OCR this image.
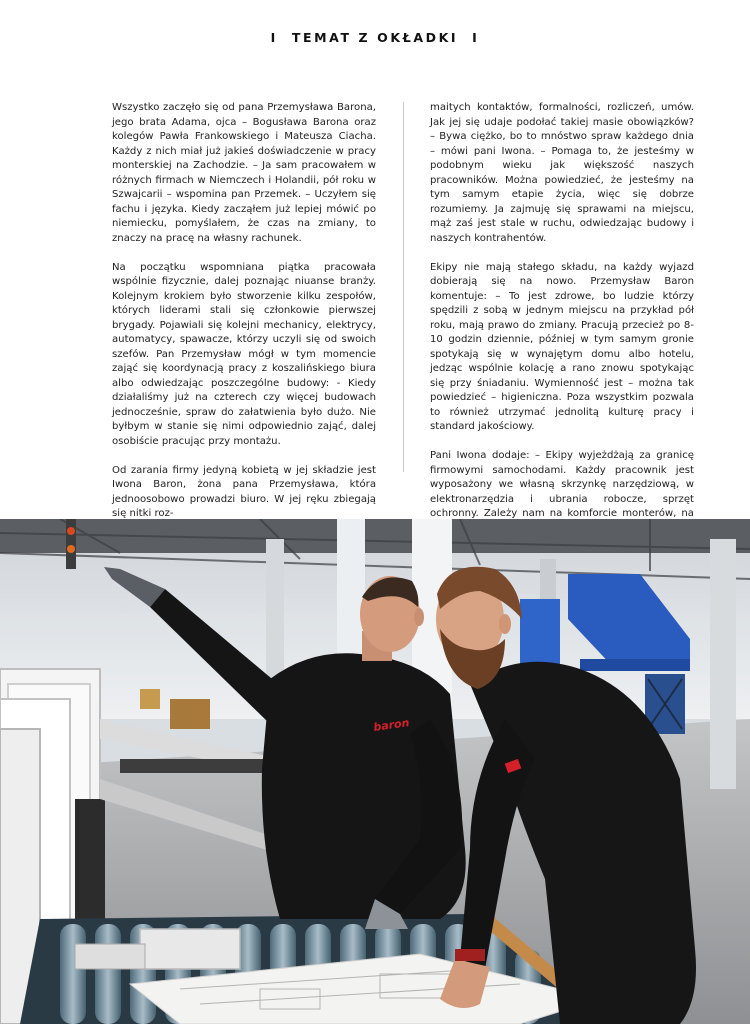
I TEMAT Z OKŁADKI I

Wszystko zaczęło się od pana Przemysława Barona, jego brata Adama, ojca – Bogusława Barona oraz kolegów Pawła Frankowskiego i Mateusza Ciacha. Każdy z nich miał już jakieś doświadczenie w pracy monterskiej na Zachodzie. – Ja sam pracowałem w różnych firmach w Niemczech i Holandii, pół roku w Szwajcarii – wspomina pan Przemek. – Uczyłem się fachu i języka. Kiedy zacząłem już lepiej mówić po niemiecku, pomyślałem, że czas na zmiany, to znaczy na pracę na własny rachunek.

Na początku wspomniana piątka pracowała wspólnie fizycznie, dalej poznając niuanse branży. Kolejnym krokiem było stworzenie kilku zespołów, których liderami stali się członkowie pierwszej brygady. Pojawiali się kolejni mechanicy, elektrycy, automatycy, spawacze, którzy uczyli się od swoich szefów. Pan Przemysław mógł w tym momencie zająć się koordynacją pracy z koszalińskiego biura albo odwiedzając poszczególne budowy: - Kiedy działaliśmy już na czterech czy więcej budowach jednocześnie, spraw do załatwienia było dużo. Nie byłbym w stanie się nimi odpowiednio zająć, dalej osobiście pracując przy montażu.

Od zarania firmy jedyną kobietą w jej składzie jest Iwona Baron, żona pana Przemysława, która jednoosobowo prowadzi biuro. W jej ręku zbiegają się nitki roz-

maitych kontaktów, formalności, rozliczeń, umów. Jak jej się udaje podołać takiej masie obowiązków? – Bywa ciężko, bo to mnóstwo spraw każdego dnia – mówi pani Iwona. – Pomaga to, że jesteśmy w podobnym wieku jak większość naszych pracowników. Można powiedzieć, że jesteśmy na tym samym etapie życia, więc się dobrze rozumiemy. Ja zajmuję się sprawami na miejscu, mąż zaś jest stale w ruchu, odwiedzając budowy i naszych kontrahentów.

Ekipy nie mają stałego składu, na każdy wyjazd dobierają się na nowo. Przemysław Baron komentuje: – To jest zdrowe, bo ludzie którzy spędzili z sobą w jednym miejscu na przykład pół roku, mają prawo do zmiany. Pracują przecież po 8-10 godzin dziennie, później w tym samym gronie spotykają się w wynajętym domu albo hotelu, jedząc wspólnie kolację a rano znowu spotykając się przy śniadaniu. Wymienność jest – można tak powiedzieć – higieniczna. Poza wszystkim pozwala to również utrzymać jednolitą kulturę pracy i standard jakościowy.

Pani Iwona dodaje: – Ekipy wyjeżdżają za granicę firmowymi samochodami. Każdy pracownik jest wyposażony we własną skrzynkę narzędziową, w elektronarzędzia i ubrania robocze, sprzęt ochronny. Zależy nam na komforcie monterów, na

baron
